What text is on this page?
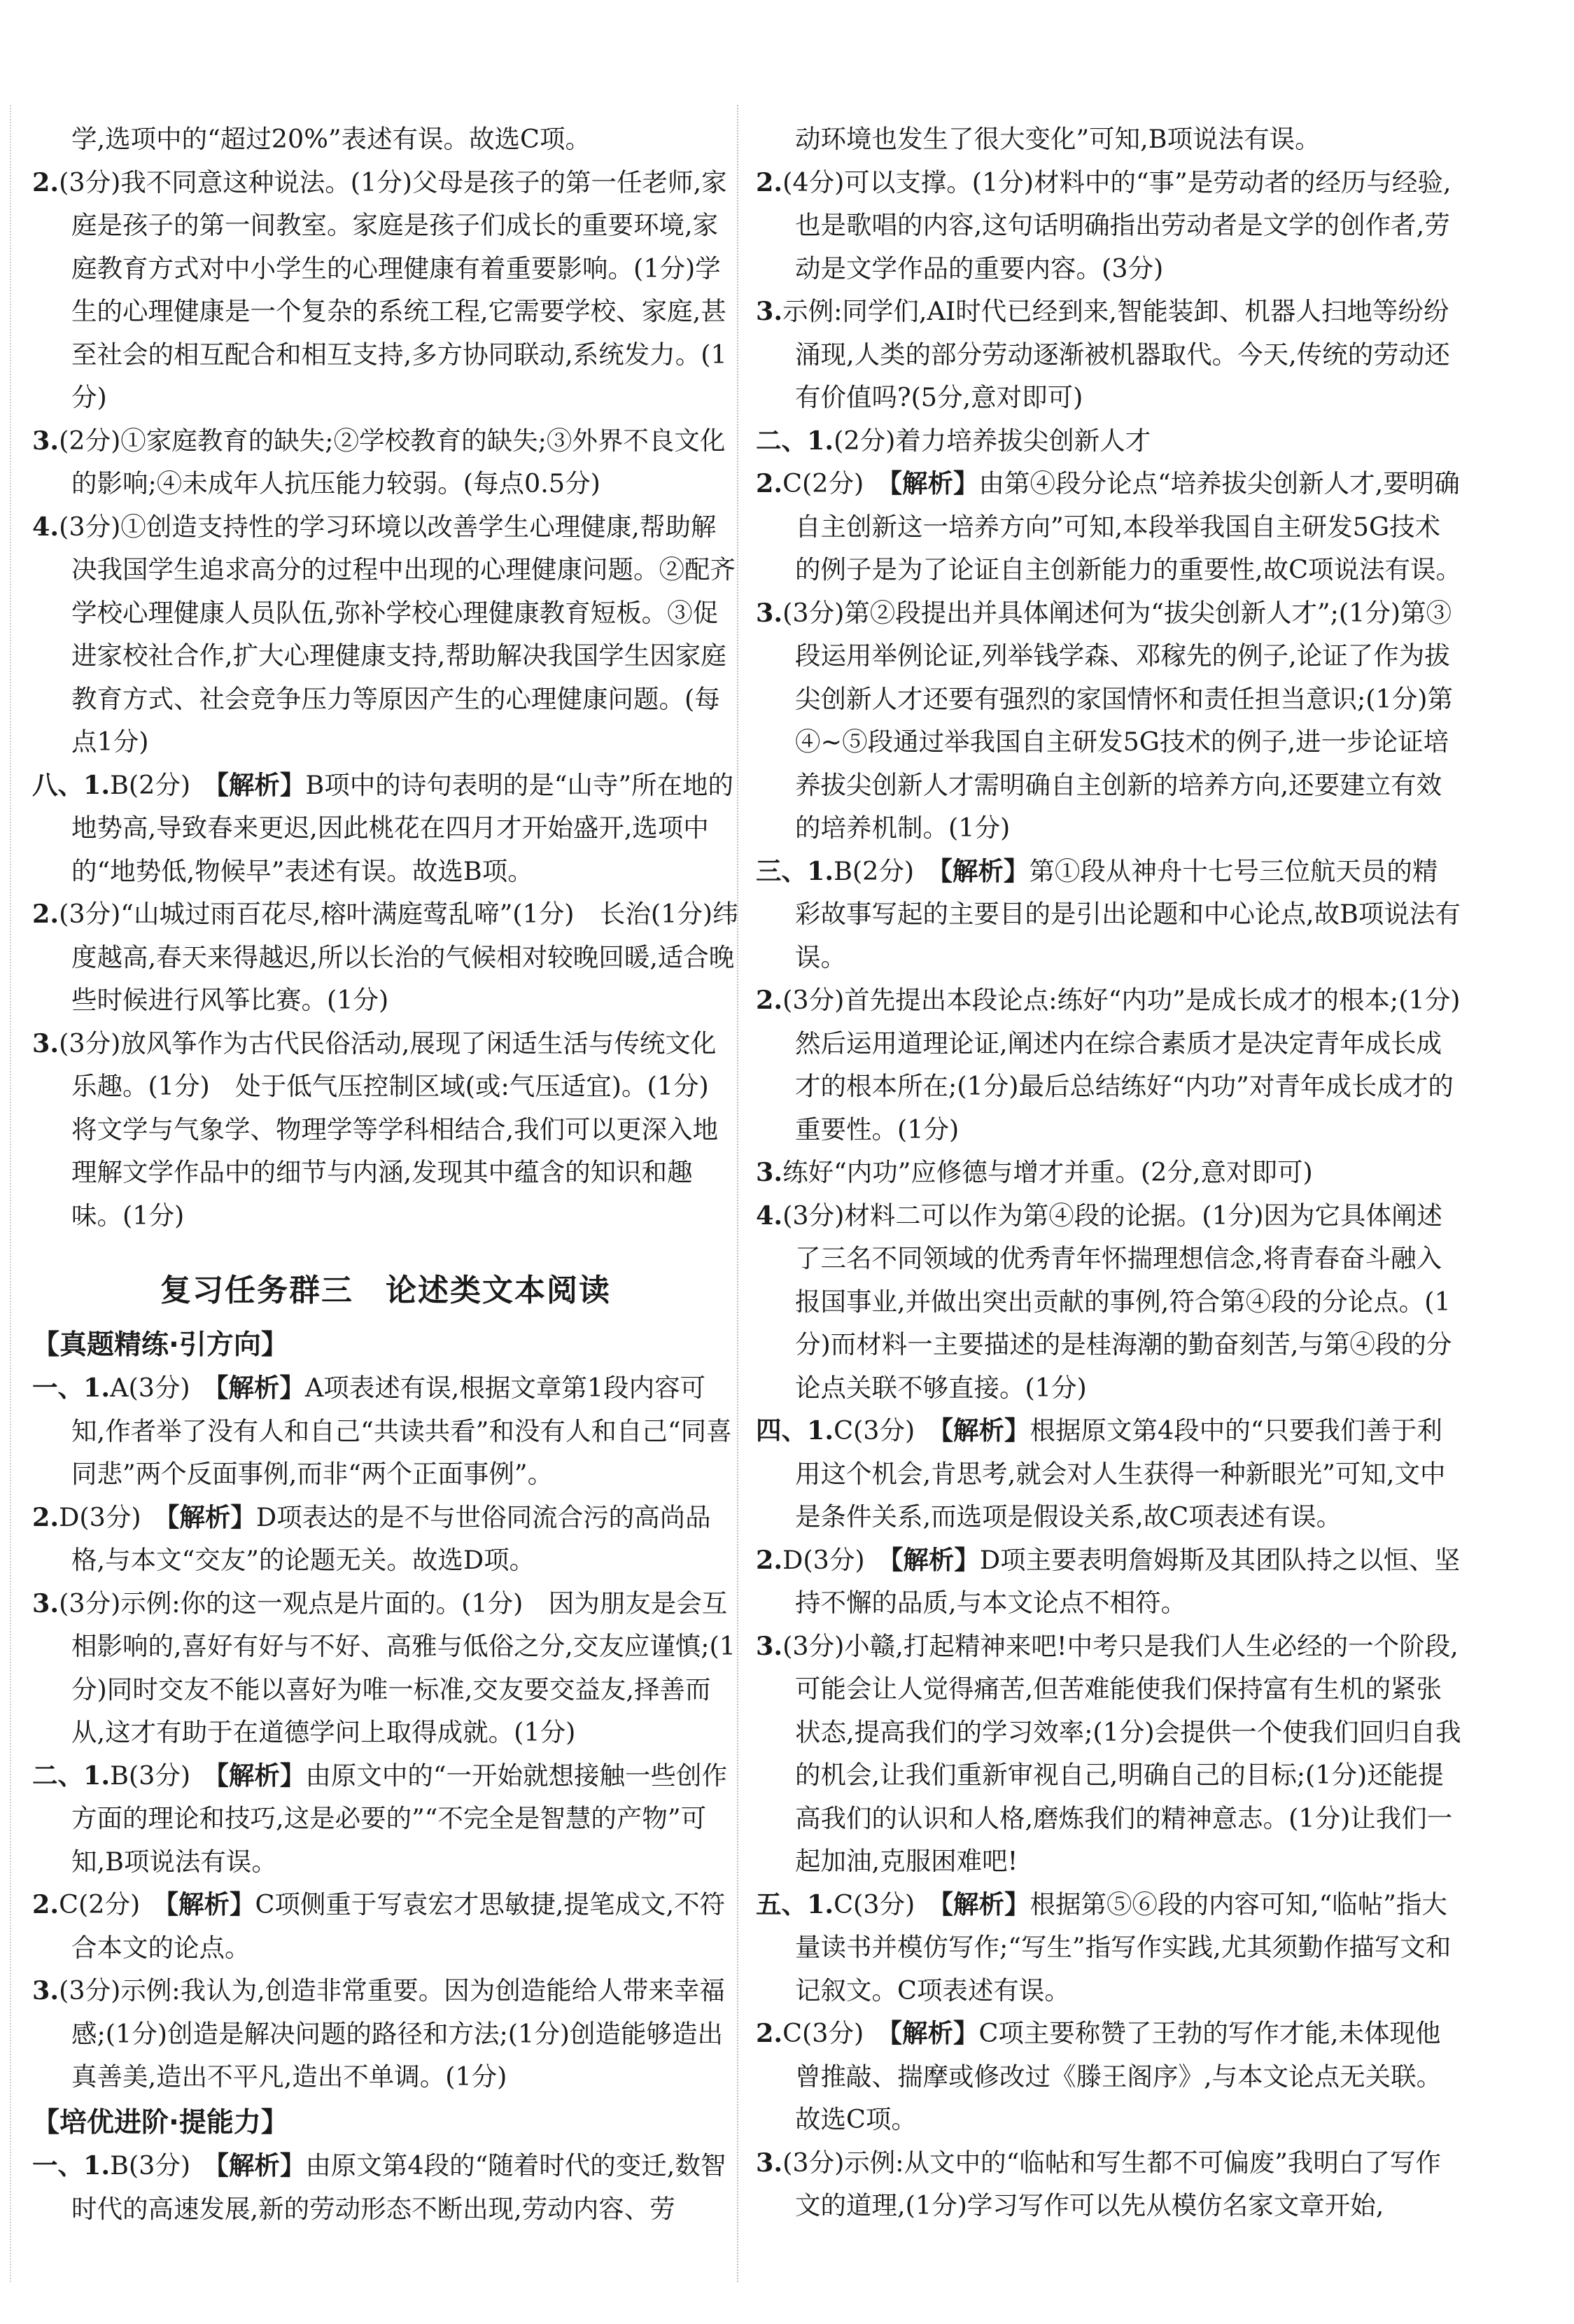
学,选项中的“超过20%”表述有误。故选C项。

2.(3分)我不同意这种说法。(1分)父母是孩子的第一任老师,家庭是孩子的第一间教室。家庭是孩子们成长的重要环境,家庭教育方式对中小学生的心理健康有着重要影响。(1分)学生的心理健康是一个复杂的系统工程,它需要学校、家庭,甚至社会的相互配合和相互支持,多方协同联动,系统发力。(1分)

3.(2分)①家庭教育的缺失;②学校教育的缺失;③外界不良文化的影响;④未成年人抗压能力较弱。(每点0.5分)

4.(3分)①创造支持性的学习环境以改善学生心理健康,帮助解决我国学生追求高分的过程中出现的心理健康问题。②配齐学校心理健康人员队伍,弥补学校心理健康教育短板。③促进家校社合作,扩大心理健康支持,帮助解决我国学生因家庭教育方式、社会竞争压力等原因产生的心理健康问题。(每点1分)

八、1.B(2分)　 【解析】B项中的诗句表明的是“山寺”所在地的地势高,导致春来更迟,因此桃花在四月才开始盛开,选项中的“地势低,物候早”表述有误。故选B项。

2.(3分)“山城过雨百花尽,榕叶满庭莺乱啼”(1分)　长治(1分)纬度越高,春天来得越迟,所以长治的气候相对较晚回暖,适合晚些时候进行风筝比赛。(1分)

3.(3分)放风筝作为古代民俗活动,展现了闲适生活与传统文化乐趣。(1分)　处于低气压控制区域(或:气压适宜)。(1分)　将文学与气象学、物理学等学科相结合,我们可以更深入地理解文学作品中的细节与内涵,发现其中蕴含的知识和趣味。(1分)

复习任务群三　论述类文本阅读
【真题精练·引方向】

一、1.A(3分)　 【解析】A项表述有误,根据文章第1段内容可知,作者举了没有人和自己“共读共看”和没有人和自己“同喜同悲”两个反面事例,而非“两个正面事例”。

2.D(3分)　 【解析】D项表达的是不与世俗同流合污的高尚品格,与本文“交友”的论题无关。故选D项。

3.(3分)示例:你的这一观点是片面的。(1分)　因为朋友是会互相影响的,喜好有好与不好、高雅与低俗之分,交友应谨慎;(1分)同时交友不能以喜好为唯一标准,交友要交益友,择善而从,这才有助于在道德学问上取得成就。(1分)

二、1.B(3分)　 【解析】由原文中的“一开始就想接触一些创作方面的理论和技巧,这是必要的”“不完全是智慧的产物”可知,B项说法有误。

2.C(2分)　 【解析】C项侧重于写袁宏才思敏捷,提笔成文,不符合本文的论点。

3.(3分)示例:我认为,创造非常重要。因为创造能给人带来幸福感;(1分)创造是解决问题的路径和方法;(1分)创造能够造出真善美,造出不平凡,造出不单调。(1分)

【培优进阶·提能力】

一、1.B(3分)　 【解析】由原文第4段的“随着时代的变迁,数智时代的高速发展,新的劳动形态不断出现,劳动内容、劳

动环境也发生了很大变化”可知,B项说法有误。

2.(4分)可以支撑。(1分)材料中的“事”是劳动者的经历与经验,也是歌唱的内容,这句话明确指出劳动者是文学的创作者,劳动是文学作品的重要内容。(3分)

3.示例:同学们,AI时代已经到来,智能装卸、机器人扫地等纷纷涌现,人类的部分劳动逐渐被机器取代。今天,传统的劳动还有价值吗?(5分,意对即可)

二、1.(2分)着力培养拔尖创新人才

2.C(2分)　 【解析】由第④段分论点“培养拔尖创新人才,要明确自主创新这一培养方向”可知,本段举我国自主研发5G技术的例子是为了论证自主创新能力的重要性,故C项说法有误。

3.(3分)第②段提出并具体阐述何为“拔尖创新人才”;(1分)第③段运用举例论证,列举钱学森、邓稼先的例子,论证了作为拔尖创新人才还要有强烈的家国情怀和责任担当意识;(1分)第④~⑤段通过举我国自主研发5G技术的例子,进一步论证培养拔尖创新人才需明确自主创新的培养方向,还要建立有效的培养机制。(1分)

三、1.B(2分)　 【解析】第①段从神舟十七号三位航天员的精彩故事写起的主要目的是引出论题和中心论点,故B项说法有误。

2.(3分)首先提出本段论点:练好“内功”是成长成才的根本;(1分)然后运用道理论证,阐述内在综合素质才是决定青年成长成才的根本所在;(1分)最后总结练好“内功”对青年成长成才的重要性。(1分)

3.练好“内功”应修德与增才并重。(2分,意对即可)

4.(3分)材料二可以作为第④段的论据。(1分)因为它具体阐述了三名不同领域的优秀青年怀揣理想信念,将青春奋斗融入报国事业,并做出突出贡献的事例,符合第④段的分论点。(1分)而材料一主要描述的是桂海潮的勤奋刻苦,与第④段的分论点关联不够直接。(1分)

四、1.C(3分)　 【解析】根据原文第4段中的“只要我们善于利用这个机会,肯思考,就会对人生获得一种新眼光”可知,文中是条件关系,而选项是假设关系,故C项表述有误。

2.D(3分)　 【解析】D项主要表明詹姆斯及其团队持之以恒、坚持不懈的品质,与本文论点不相符。

3.(3分)小赣,打起精神来吧!中考只是我们人生必经的一个阶段,可能会让人觉得痛苦,但苦难能使我们保持富有生机的紧张状态,提高我们的学习效率;(1分)会提供一个使我们回归自我的机会,让我们重新审视自己,明确自己的目标;(1分)还能提高我们的认识和人格,磨炼我们的精神意志。(1分)让我们一起加油,克服困难吧!

五、1.C(3分)　 【解析】根据第⑤⑥段的内容可知,“临帖”指大量读书并模仿写作;“写生”指写作实践,尤其须勤作描写文和记叙文。C项表述有误。

2.C(3分)　 【解析】C项主要称赞了王勃的写作才能,未体现他曾推敲、揣摩或修改过《滕王阁序》,与本文论点无关联。故选C项。

3.(3分)示例:从文中的“临帖和写生都不可偏废”我明白了写作文的道理,(1分)学习写作可以先从模仿名家文章开始,
